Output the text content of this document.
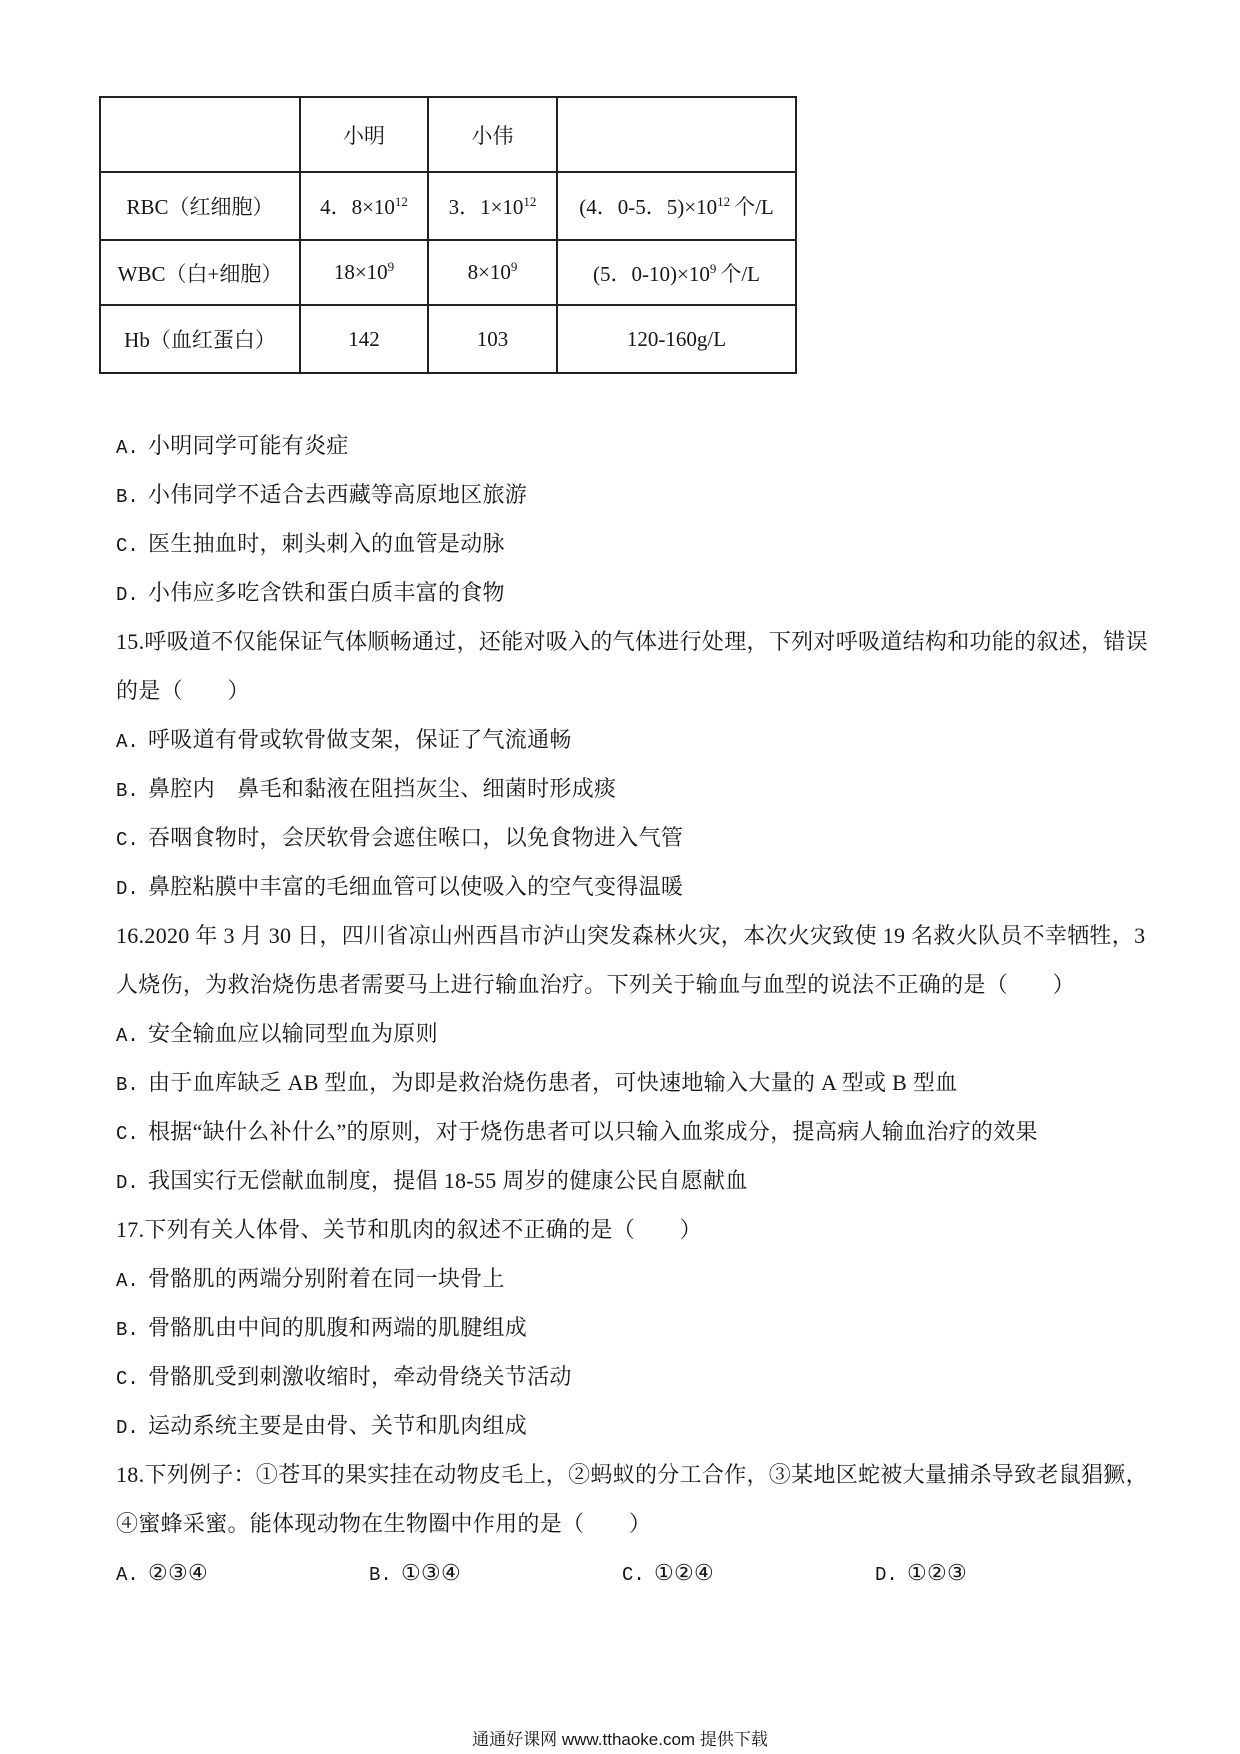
	小明	小伟	
RBC（红细胞）	4．$8\times 10^{12}$	3．$1\times 10^{12}$	(4．0-5．$5)\times 10^{12}$ 个/L
WBC（白+细胞）	$18\times 10^9$	$8\times 10^9$	(5．$0-10)\times 10^9$ 个/L
Hb（血红蛋白）	142	103	120-160g/L
A. 小明同学可能有炎症
B. 小伟同学不适合去西藏等高原地区旅游
C. 医生抽血时，刺头刺入的血管是动脉
D. 小伟应多吃含铁和蛋白质丰富的食物
15.呼吸道不仅能保证气体顺畅通过，还能对吸入的气体进行处理，下列对呼吸道结构和功能的叙述，错误
的是（　　）
A. 呼吸道有骨或软骨做支架，保证了气流通畅
B. 鼻腔内　鼻毛和黏液在阻挡灰尘、细菌时形成痰
C. 吞咽食物时，会厌软骨会遮住喉口，以免食物进入气管
D. 鼻腔粘膜中丰富的毛细血管可以使吸入的空气变得温暖
16.2020 年 3 月 30 日，四川省凉山州西昌市泸山突发森林火灾，本次火灾致使 19 名救火队员不幸牺牲，3
人烧伤，为救治烧伤患者需要马上进行输血治疗。下列关于输血与血型的说法不正确的是（　　）
A. 安全输血应以输同型血为原则
B. 由于血库缺乏 AB 型血，为即是救治烧伤患者，可快速地输入大量的 A 型或 B 型血
C. 根据“缺什么补什么”的原则，对于烧伤患者可以只输入血浆成分，提高病人输血治疗的效果
D. 我国实行无偿献血制度，提倡 18-55 周岁的健康公民自愿献血
17.下列有关人体骨、关节和肌肉的叙述不正确的是（　　）
A. 骨骼肌的两端分别附着在同一块骨上
B. 骨骼肌由中间的肌腹和两端的肌腱组成
C. 骨骼肌受到刺激收缩时，牵动骨绕关节活动
D. 运动系统主要是由骨、关节和肌肉组成
18.下列例子：①苍耳的果实挂在动物皮毛上，②蚂蚁的分工合作，③某地区蛇被大量捕杀导致老鼠猖獗，
④蜜蜂采蜜。能体现动物在生物圈中作用的是（　　）
A. ②③④	B. ①③④	C. ①②④	D. ①②③
通通好课网 www.tthaoke.com 提供下载
